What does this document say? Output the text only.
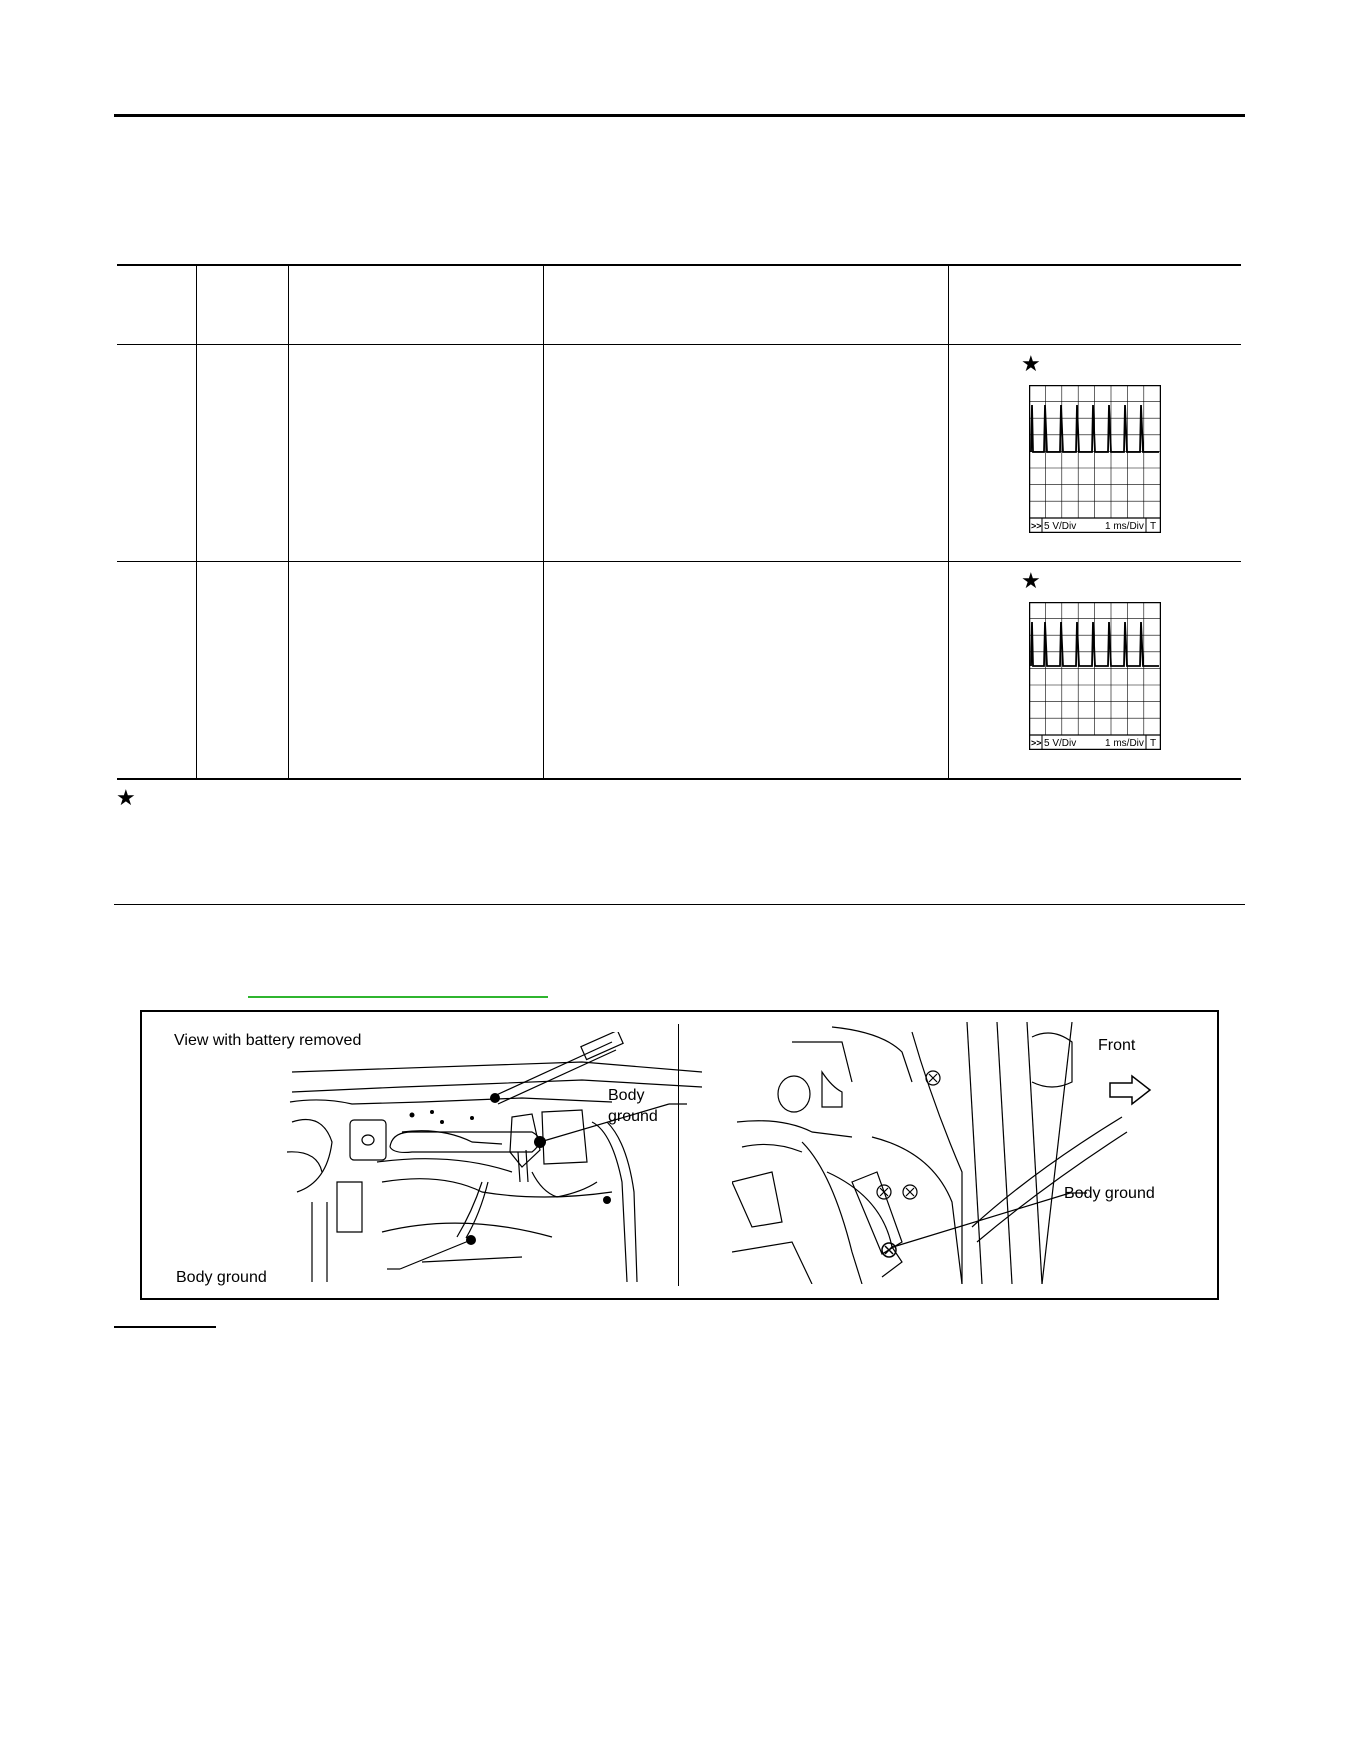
★
>> 5 V/Div	1 ms/Div T
★
>> 5 V/Div	1 ms/Div T
★
View with battery removed
Body
ground
Body ground
Front
Body ground
